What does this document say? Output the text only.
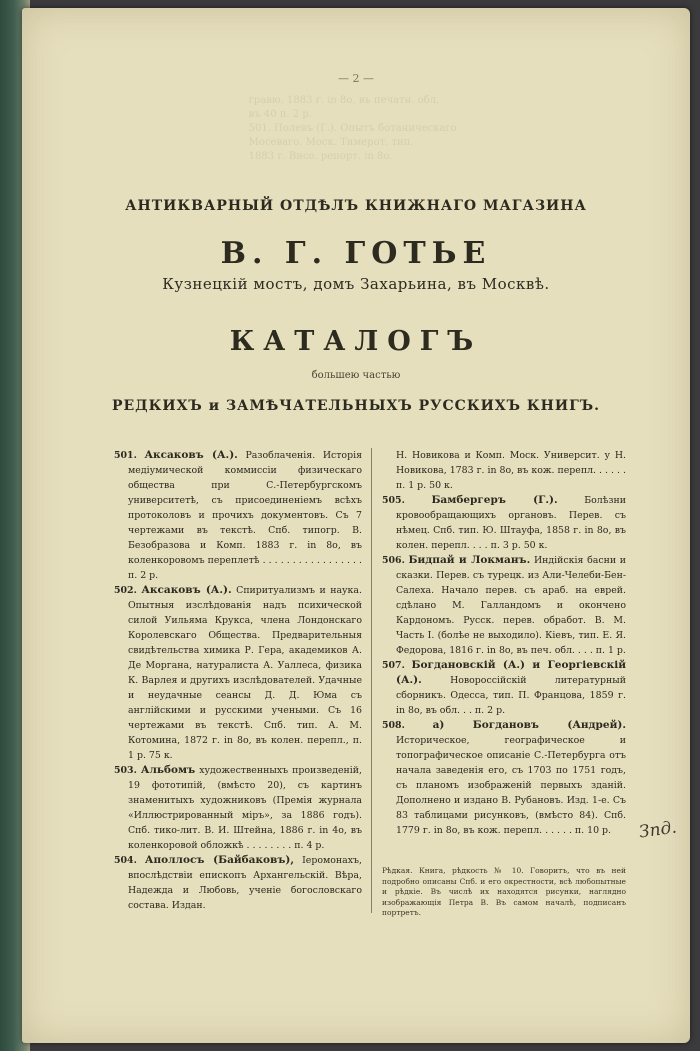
гравю. 1883 г. in 8o, въ печатн. обл.
въ 40 п. 2 р.
501. Полевъ (Г.). Опытъ ботаническаго
Мосеваго. Моск. Тимерот. тип.
1883 г. Висо. репорт. in 8o.
— 2 —
АНТИКВАРНЫЙ ОТДѢЛЪ КНИЖНАГО МАГАЗИНА
В. Г. ГОТЬЕ
Кузнецкій мостъ, домъ Захарьина, въ Москвѣ.
КАТАЛОГЪ
большею частью
РЕДКИХЪ и ЗАМѢЧАТЕЛЬНЫХЪ РУССКИХЪ КНИГЪ.

501. Аксаковъ (А.). Разоблаченія. Исторія медіумической коммиссіи физическаго общества при С.-Петербургскомъ университетѣ, съ присоединеніемъ всѣхъ протоколовъ и прочихъ документовъ. Съ 7 чертежами въ текстѣ. Спб. типогр. В. Безобразова и Комп. 1883 г. in 8o, въ коленкоровомъ переплетѣ . . . . . . . . . . . . . . . . . п. 2 р.

502. Аксаковъ (А.). Спиритуализмъ и наука. Опытныя изслѣдованія надъ психической силой Уильяма Крукса, члена Лондонскаго Королевскаго Общества. Предварительныя свидѣтельства химика Р. Гера, академиков А. Де Моргана, натуралиста А. Уаллеса, физика К. Варлея и другихъ изслѣдователей. Удачные и неудачные сеансы Д. Д. Юма съ англійскими и русскими учеными. Съ 16 чертежами въ текстѣ. Спб. тип. А. М. Котомина, 1872 г. in 8o, въ колен. перепл., п. 1 р. 75 к.

503. Альбомъ художественныхъ произведеній, 19 фототипій, (вмѣсто 20), съ картинъ знаменитыхъ художниковъ (Премія журнала «Иллюстрированный міръ», за 1886 годъ). Спб. тико-лит. В. И. Штейна, 1886 г. in 4o, въ коленкоровой обложкѣ . . . . . . . . п. 4 р.

504. Аполлосъ (Байбаковъ), Іеромонахъ, впослѣдствіи епископъ Архангельскій. Вѣра, Надежда и Любовь, ученіе богословскаго состава. Издан.

Н. Новикова и Комп. Моск. Университ. у Н. Новикова, 1783 г. in 8o, въ кож. перепл. . . . . . п. 1 р. 50 к.

505.	Бамбергеръ (Г.).	Болѣзни кровообращающихъ органовъ. Перев. съ нѣмец. Спб. тип. Ю. Штауфа, 1858 г. in 8o, въ колен. перепл. . . . п. 3 р. 50 к.

506. Бидпай и Локманъ. Индійскія басни и сказки. Перев. съ турецк. из Али-Челеби-Бен-Салеха. Начало перев. съ араб. на еврей. сдѣлано М. Галландомъ и окончено Кардономъ. Русск. перев. обработ. В. М. Часть I. (болѣе не выходило). Кіевъ, тип. Е. Я. Федорова, 1816 г. in 8o, въ печ. обл. . . . п. 1 р.

507. Богдановскій (А.) и Георгіевскій (А.).	Новороссійскій литературный сборникъ. Одесса, тип. П. Францова, 1859 г. in 8o, въ обл. . . п. 2 р.

508.	а) Богдановъ (Андрей). Историческое, географическое и топографическое описаніе С.-Петербурга отъ начала заведенія его, съ 1703 по 1751 годъ, съ планомъ изображеній первыхъ зданій. Дополнено и издано В. Рубановъ. Изд. 1-е. Съ 83 таблицами рисунковъ, (вмѣсто 84). Спб. 1779 г. in 8o, въ кож. перепл. . . . . . п. 10 р.

Рѣдкая. Книга, рѣдкость № 10. Говоритъ, что въ ней подробно описаны Спб. и его окрестности, всѣ любопытные и рѣдкіе. Въ числѣ их находятся рисунки, наглядно изображающія Петра В. Въ самом началѣ, подписанъ портретъ.
Зпд.
